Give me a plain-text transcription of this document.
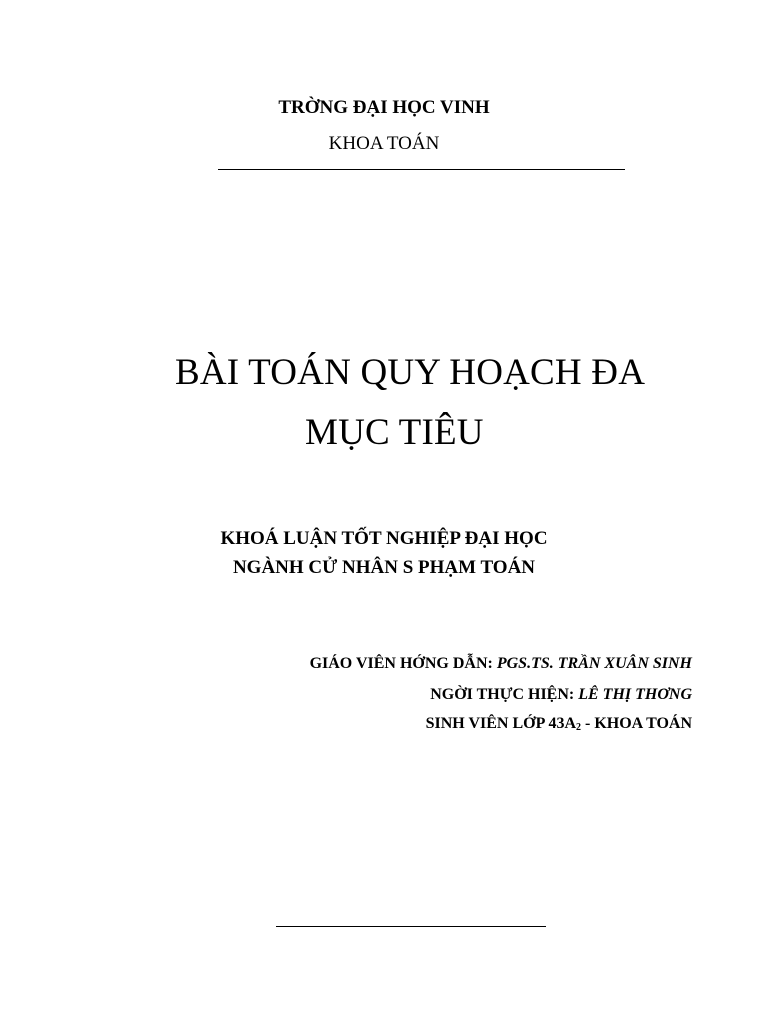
TRỜNG ĐẠI HỌC VINH
KHOA TOÁN
BÀI TOÁN QUY HOẠCH ĐA
MỤC TIÊU
KHOÁ LUẬN TỐT NGHIỆP ĐẠI HỌC
NGÀNH CỬ NHÂN S PHẠM TOÁN
GIÁO VIÊN HỚNG DẪN: PGS.TS. TRẦN XUÂN SINH
NGỜI THỰC HIỆN: LÊ THỊ THƠNG
SINH VIÊN LỚP $43A_2$ - KHOA TOÁN
